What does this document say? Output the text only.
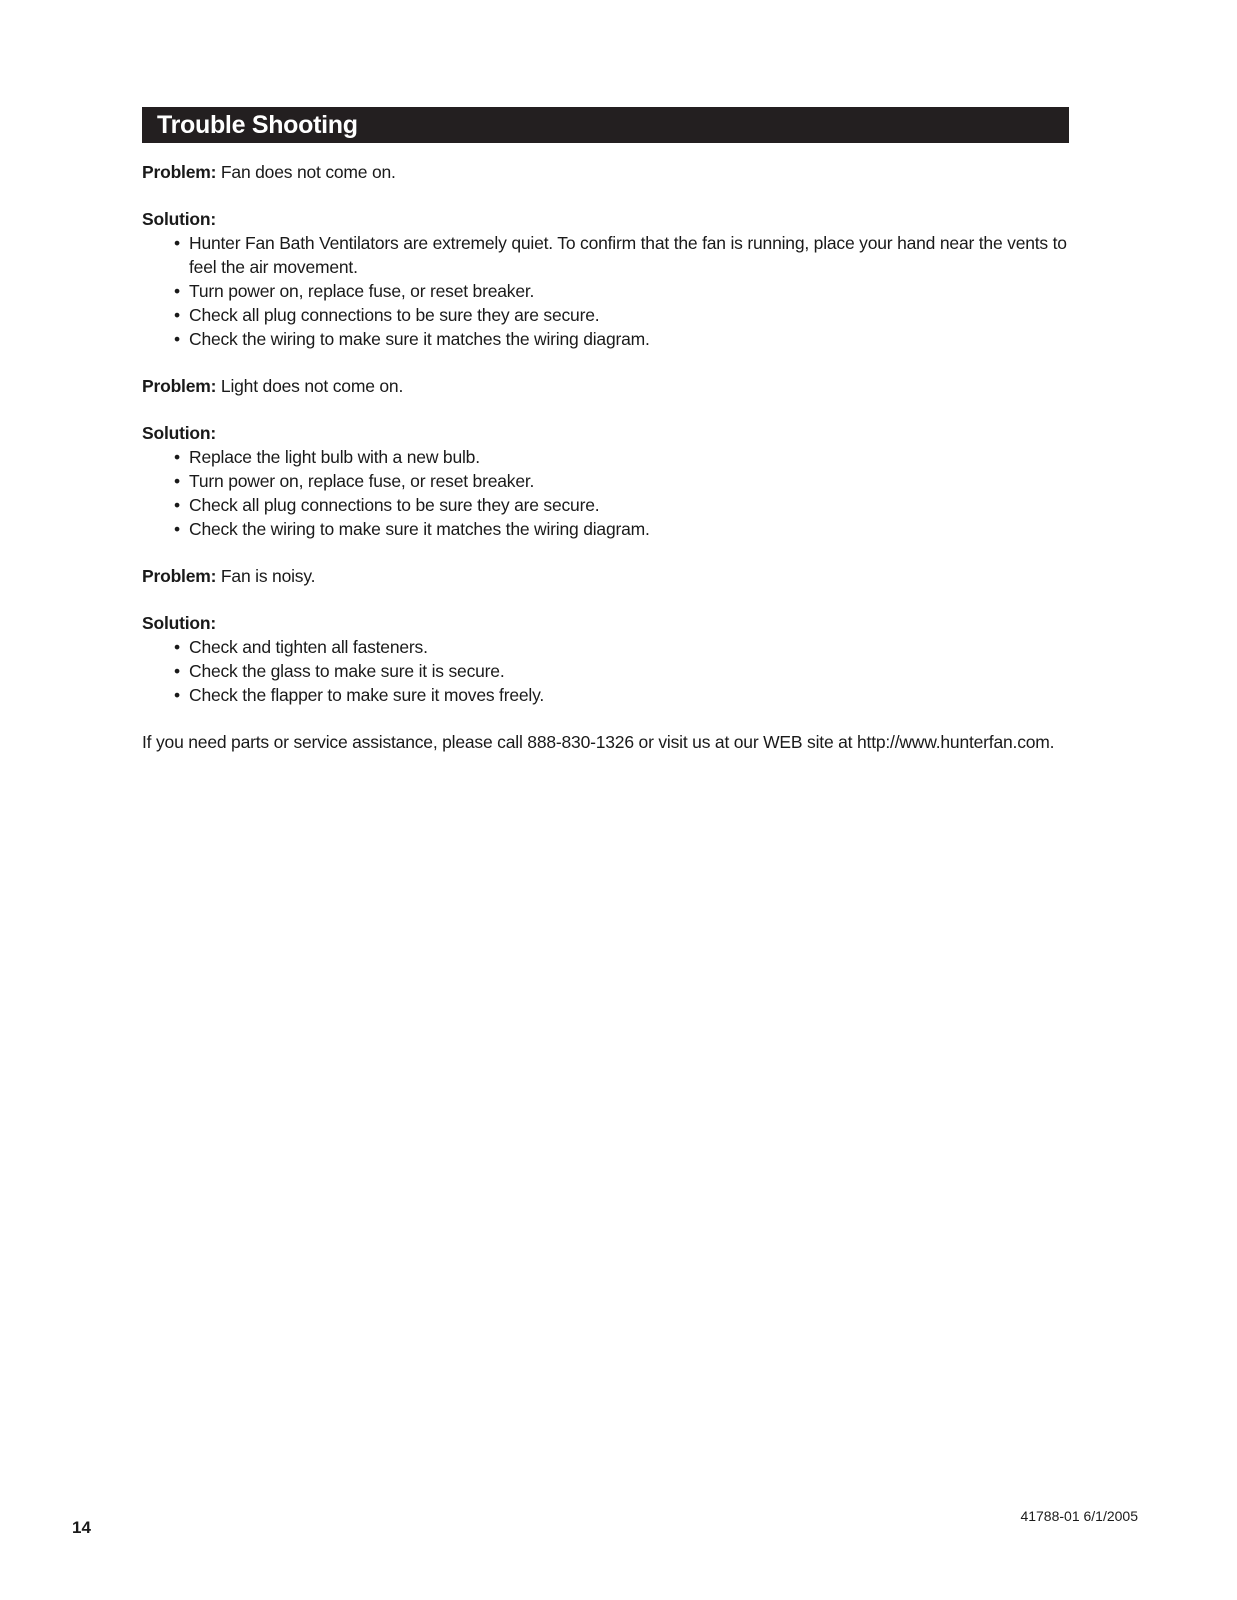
Trouble Shooting

Problem: Fan does not come on.

Solution:

• Hunter Fan Bath Ventilators are extremely quiet. To confirm that the fan is running, place your hand near the vents to feel the air movement.
• Turn power on, replace fuse, or reset breaker.
• Check all plug connections to be sure they are secure.
• Check the wiring to make sure it matches the wiring diagram.

Problem: Light does not come on.

Solution:

• Replace the light bulb with a new bulb.
• Turn power on, replace fuse, or reset breaker.
• Check all plug connections to be sure they are secure.
• Check the wiring to make sure it matches the wiring diagram.

Problem: Fan is noisy.

Solution:

• Check and tighten all fasteners.
• Check the glass to make sure it is secure.
• Check the flapper to make sure it moves freely.

If you need parts or service assistance, please call 888-830-1326 or visit us at our WEB site at http://www.hunterfan.com.

14
41788-01 6/1/2005
